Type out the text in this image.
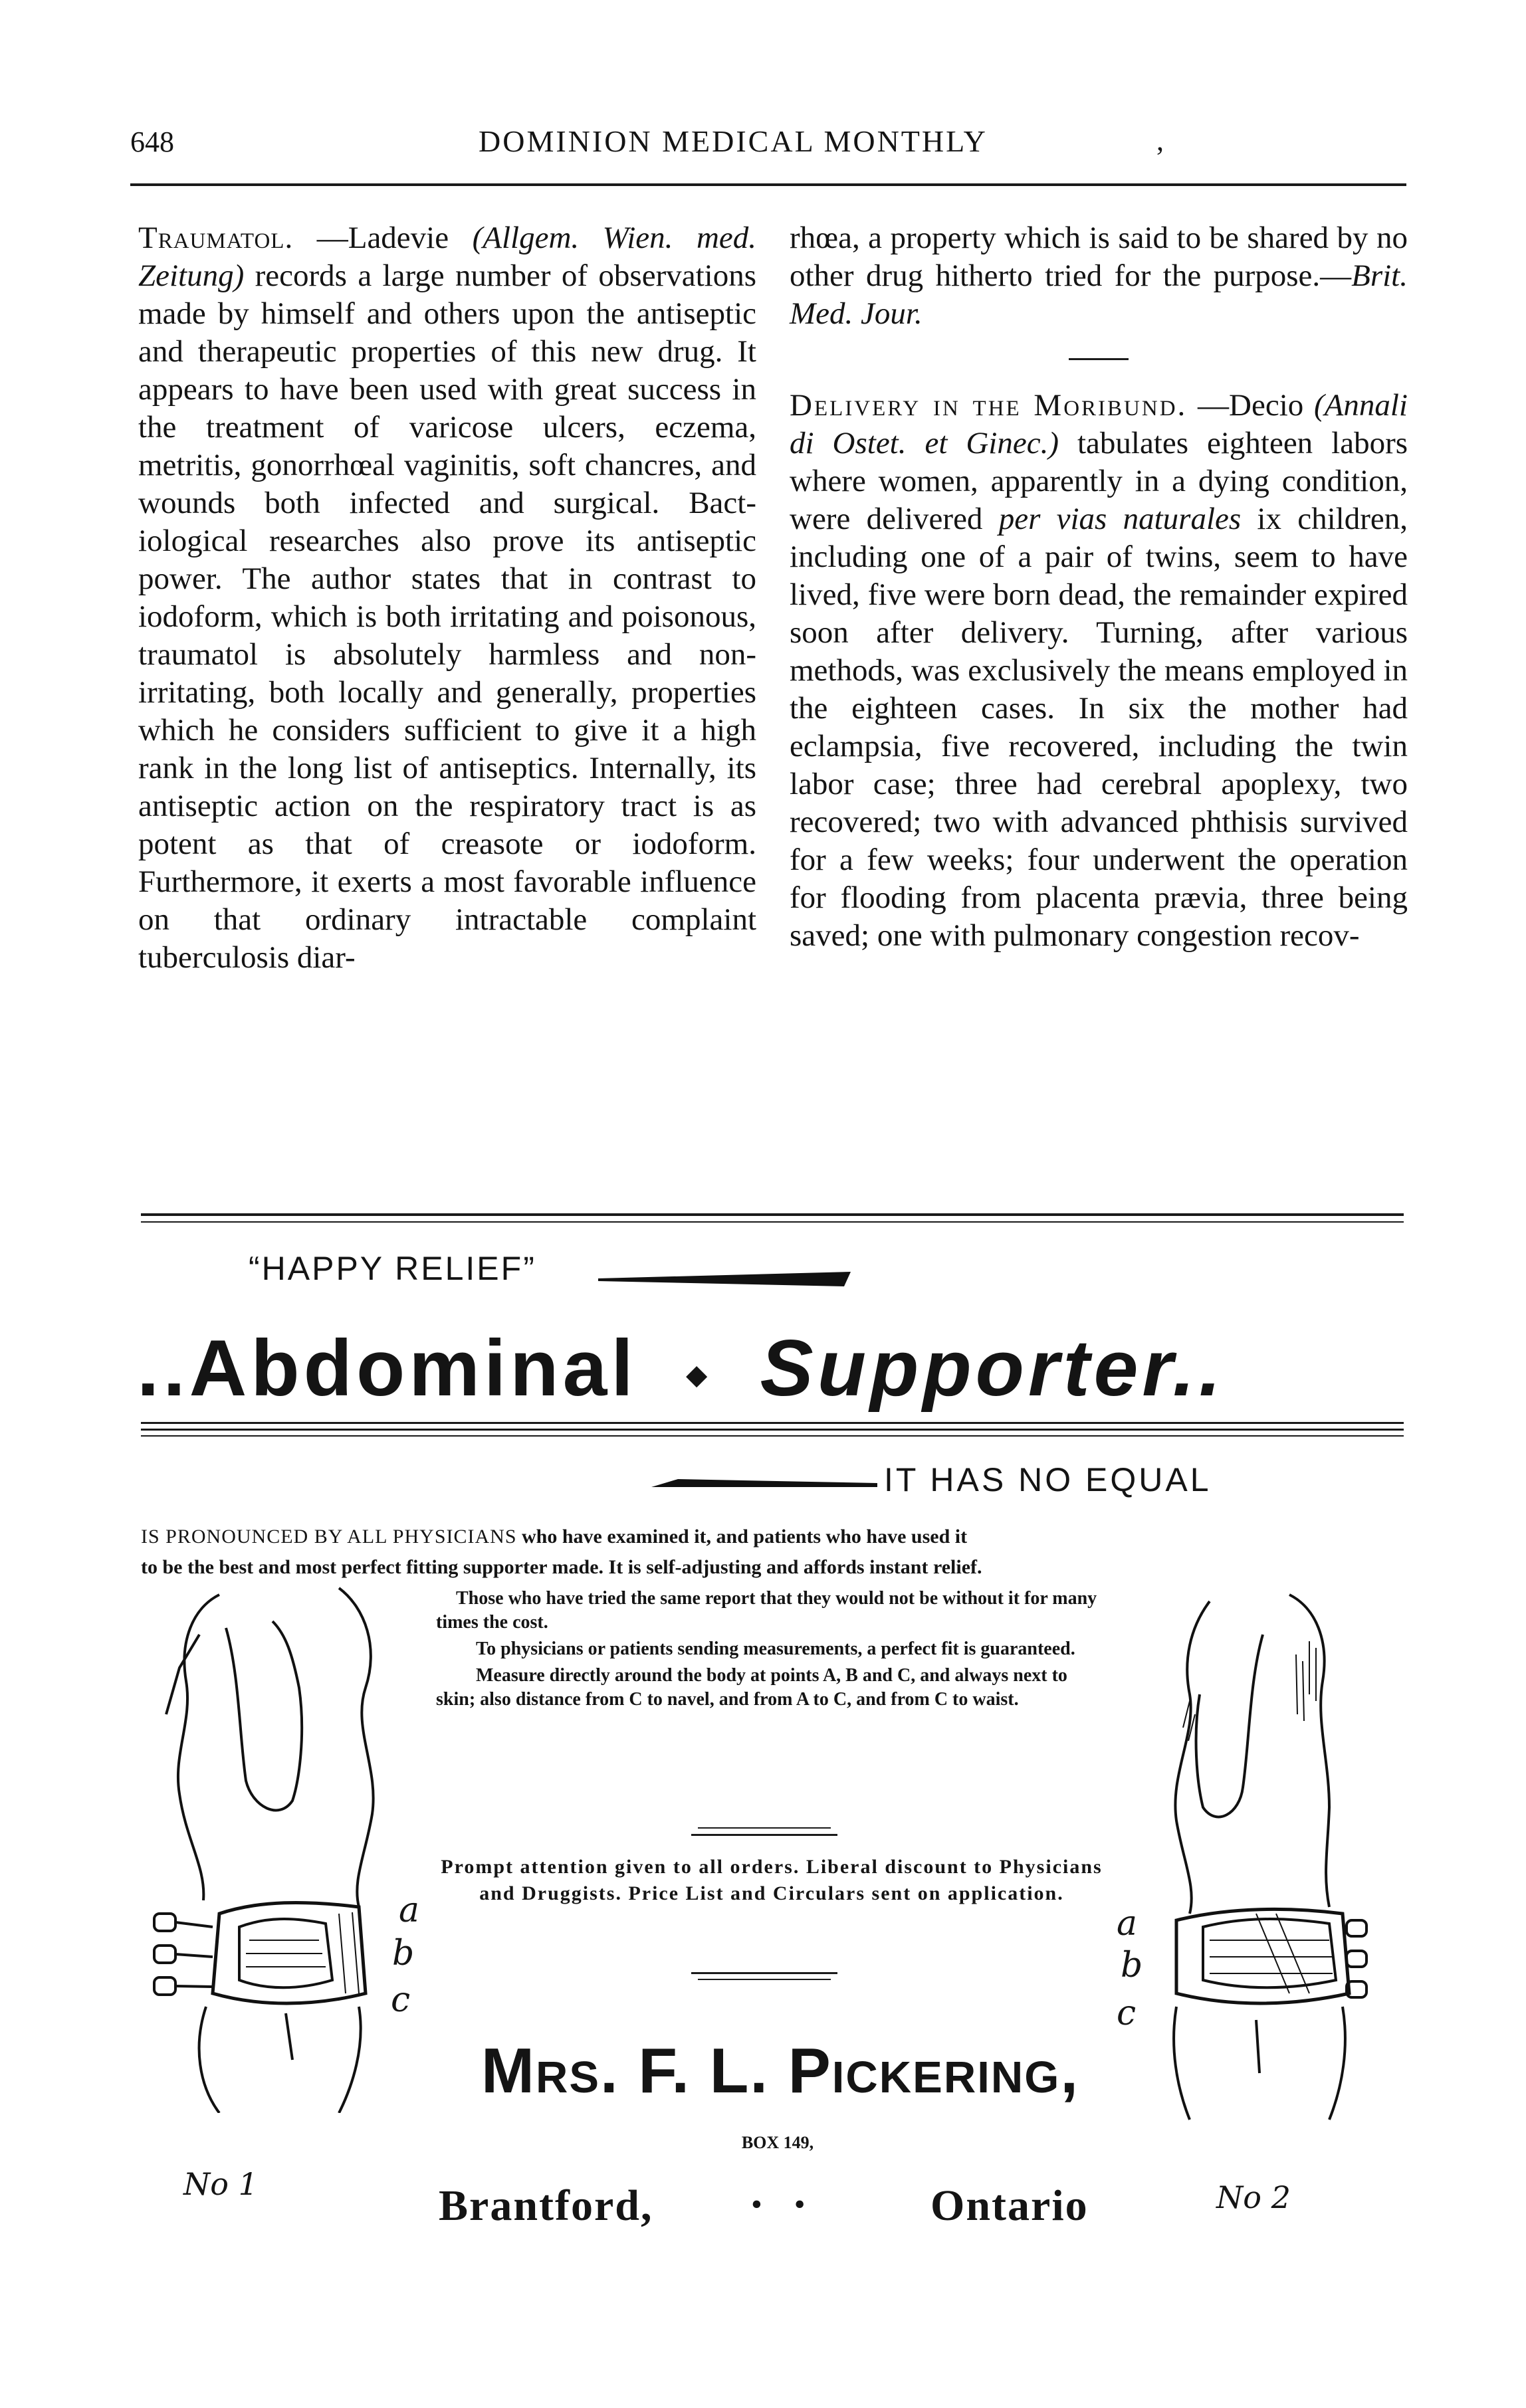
648	DOMINION MEDICAL MONTHLY	,

Traumatol. —Ladevie (Allgem. Wien. med. Zeitung) records a large number of observations made by himself and others upon the antiseptic and therapeutic properties of this new drug. It appears to have been used with great success in the treatment of varicose ulcers, eczema, metritis, gonorrhœal vaginitis, soft chancres, and wounds both infected and surgical. Bact- iological researches also prove its antiseptic power. The author states that in contrast to iodoform, which is both irritating and poisonous, traumatol is absolutely harmless and non-irritating, both locally and generally, properties which he considers sufficient to give it a high rank in the long list of antiseptics. Internally, its antiseptic action on the respiratory tract is as potent as that of creasote or iodoform. Furthermore, it exerts a most favorable influence on that ordinary intractable complaint tuberculosis diar-

rhœa, a property which is said to be shared by no other drug hitherto tried for the purpose.—Brit. Med. Jour.

Delivery in the Moribund. —Decio (Annali di Ostet. et Ginec.) tabulates eighteen labors where women, apparently in a dying condition, were delivered per vias naturales ix children, including one of a pair of twins, seem to have lived, five were born dead, the remainder expired soon after delivery. Turning, after various methods, was exclusively the means employed in the eighteen cases. In six the mother had eclampsia, five recovered, including the twin labor case; three had cerebral apoplexy, two recovered; two with advanced phthisis survived for a few weeks; four underwent the operation for flooding from placenta prævia, three being saved; one with pulmonary congestion recov-

“HAPPY RELIEF”
..Abdominal ◆ Supporter..
IT HAS NO EQUAL
IS PRONOUNCED BY ALL PHYSICIANS who have examined it, and patients who have used it
to be the best and most perfect fitting supporter made. It is self-adjusting and affords instant relief.
Those who have tried the same report that they would not be without it for many times the cost.
To physicians or patients sending measurements, a perfect fit is guaranteed.
Measure directly around the body at points A, B and C, and always next to skin; also distance from C to navel, and from A to C, and from C to waist.
Prompt attention given to all orders. Liberal discount to Physicians and Druggists. Price List and Circulars sent on application.
Mrs. F. L. Pickering,
BOX 149,
Brantford,	•    •	Ontario
a
b
c
No 1
a
b
c
No 2
